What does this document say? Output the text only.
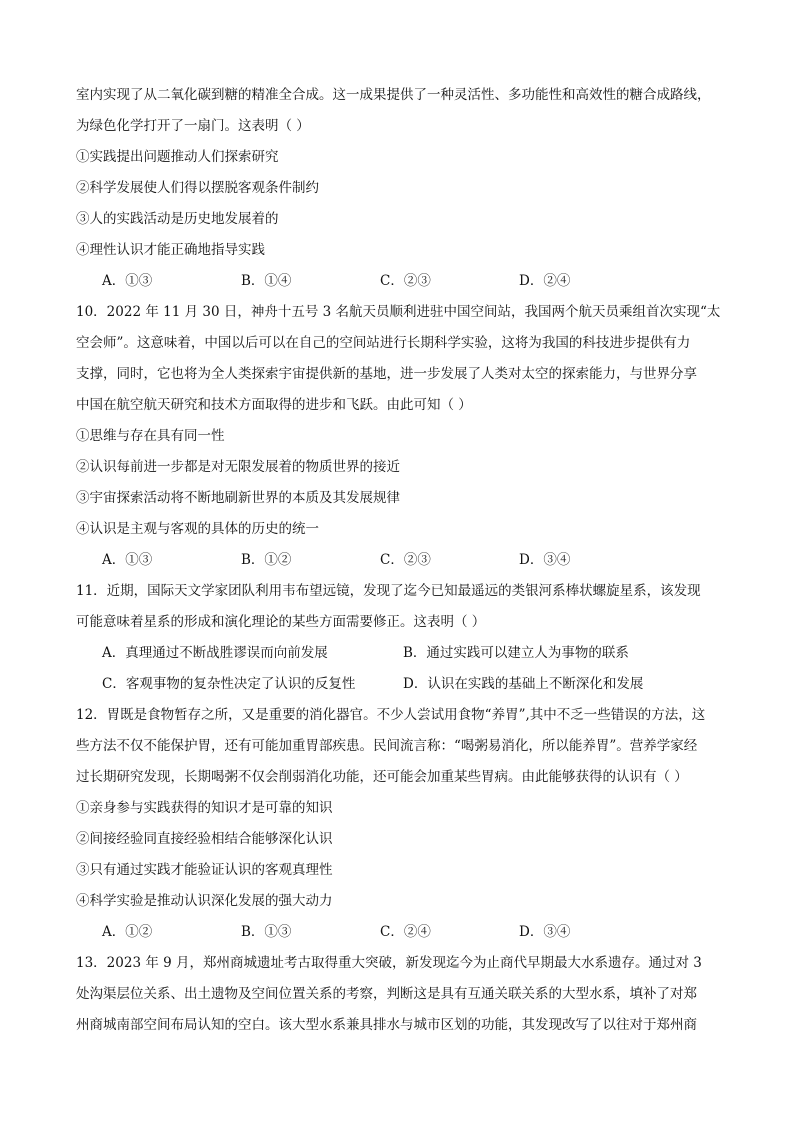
室内实现了从二氧化碳到糖的精准全合成。这一成果提供了一种灵活性、多功能性和高效性的糖合成路线，
为绿色化学打开了一扇门。这表明（ ）
①实践提出问题推动人们探索研究
②科学发展使人们得以摆脱客观条件制约
③人的实践活动是历史地发展着的
④理性认识才能正确地指导实践
A．①③	B．①④	C．②③	D．②④
10．2022 年 11 月 30 日，神舟十五号 3 名航天员顺利进驻中国空间站，我国两个航天员乘组首次实现“太
空会师”。这意味着，中国以后可以在自己的空间站进行长期科学实验，这将为我国的科技进步提供有力
支撑，同时，它也将为全人类探索宇宙提供新的基地，进一步发展了人类对太空的探索能力，与世界分享
中国在航空航天研究和技术方面取得的进步和飞跃。由此可知（ ）
①思维与存在具有同一性
②认识每前进一步都是对无限发展着的物质世界的接近
③宇宙探索活动将不断地刷新世界的本质及其发展规律
④认识是主观与客观的具体的历史的统一
A．①③	B．①②	C．②③	D．③④
11．近期，国际天文学家团队利用韦布望远镜，发现了迄今已知最遥远的类银河系棒状螺旋星系，该发现
可能意味着星系的形成和演化理论的某些方面需要修正。这表明（ ）
A．真理通过不断战胜谬误而向前发展	B．通过实践可以建立人为事物的联系
C．客观事物的复杂性决定了认识的反复性	D．认识在实践的基础上不断深化和发展
12．胃既是食物暂存之所，又是重要的消化器官。不少人尝试用食物“养胃”,其中不乏一些错误的方法，这
些方法不仅不能保护胃，还有可能加重胃部疾患。民间流言称：“喝粥易消化，所以能养胃”。营养学家经
过长期研究发现，长期喝粥不仅会削弱消化功能，还可能会加重某些胃病。由此能够获得的认识有（ ）
①亲身参与实践获得的知识才是可靠的知识
②间接经验同直接经验相结合能够深化认识
③只有通过实践才能验证认识的客观真理性
④科学实验是推动认识深化发展的强大动力
A．①②	B．①③	C．②④	D．③④
13．2023 年 9 月，郑州商城遗址考古取得重大突破，新发现迄今为止商代早期最大水系遗存。通过对 3
处沟渠层位关系、出土遗物及空间位置关系的考察，判断这是具有互通关联关系的大型水系，填补了对郑
州商城南部空间布局认知的空白。该大型水系兼具排水与城市区划的功能，其发现改写了以往对于郑州商
